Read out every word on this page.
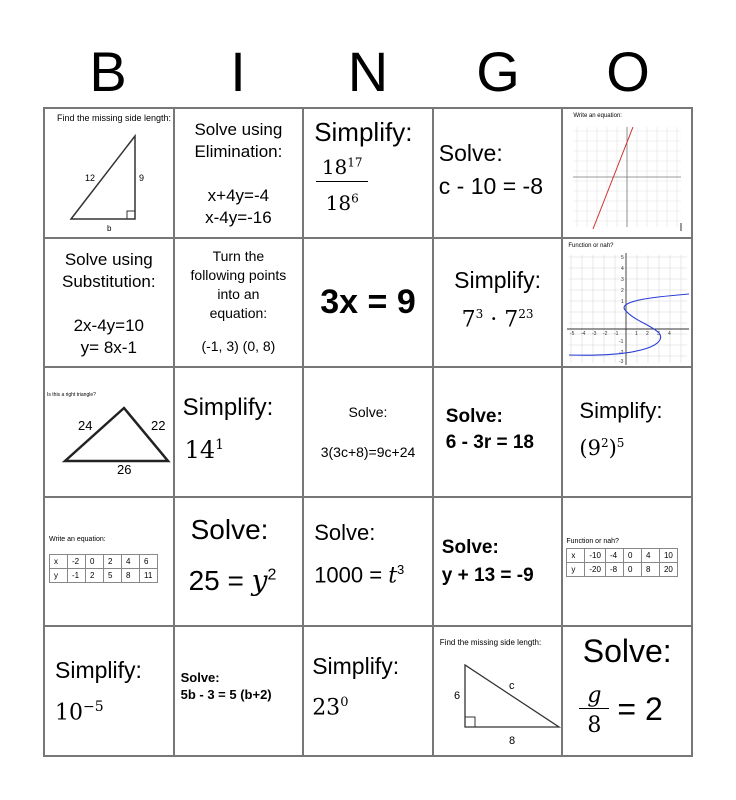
B	I	N	G	O
Find the missing side length:
12	9
b
Solve using
Elimination:
x+4y=-4
x-4y=-16
Simplify:
$18^{17}$
$18^6$
Solve:
c - 10 = -8
Write an equation:
Solve using
Substitution:
2x-4y=10
y= 8x-1
Turn the
following points
into an
equation:
(-1, 3) (0, 8)
3x = 9
Simplify:
$7^3 \cdot 7^{23}$
Function or nah?
5
4
3
2
1
-5 -4 -3 -2 -1	1 2 3 4
-1
-2
-3
Is this a right triangle?
24	22
26
Simplify:
$14^1$
Solve:
3(3c+8)=9c+24
Solve:
6 - 3r = 18
Simplify:
$(9^2)^5$
Write an equation:
x	-2	0	2	4	6
y	-1	2	5	8	11
Solve:
$25 = y^2$
Solve:
$1000 = t^3$
Solve:
y + 13 = -9
Function or nah?
x	-10	-4	0	4	10
y	-20	-8	0	8	20
Simplify:
$10^{-5}$
Solve:
5b - 3 = 5 (b+2)
Simplify:
$23^0$
Find the missing side length:
6
8
c
Solve:
g
8 = 2
